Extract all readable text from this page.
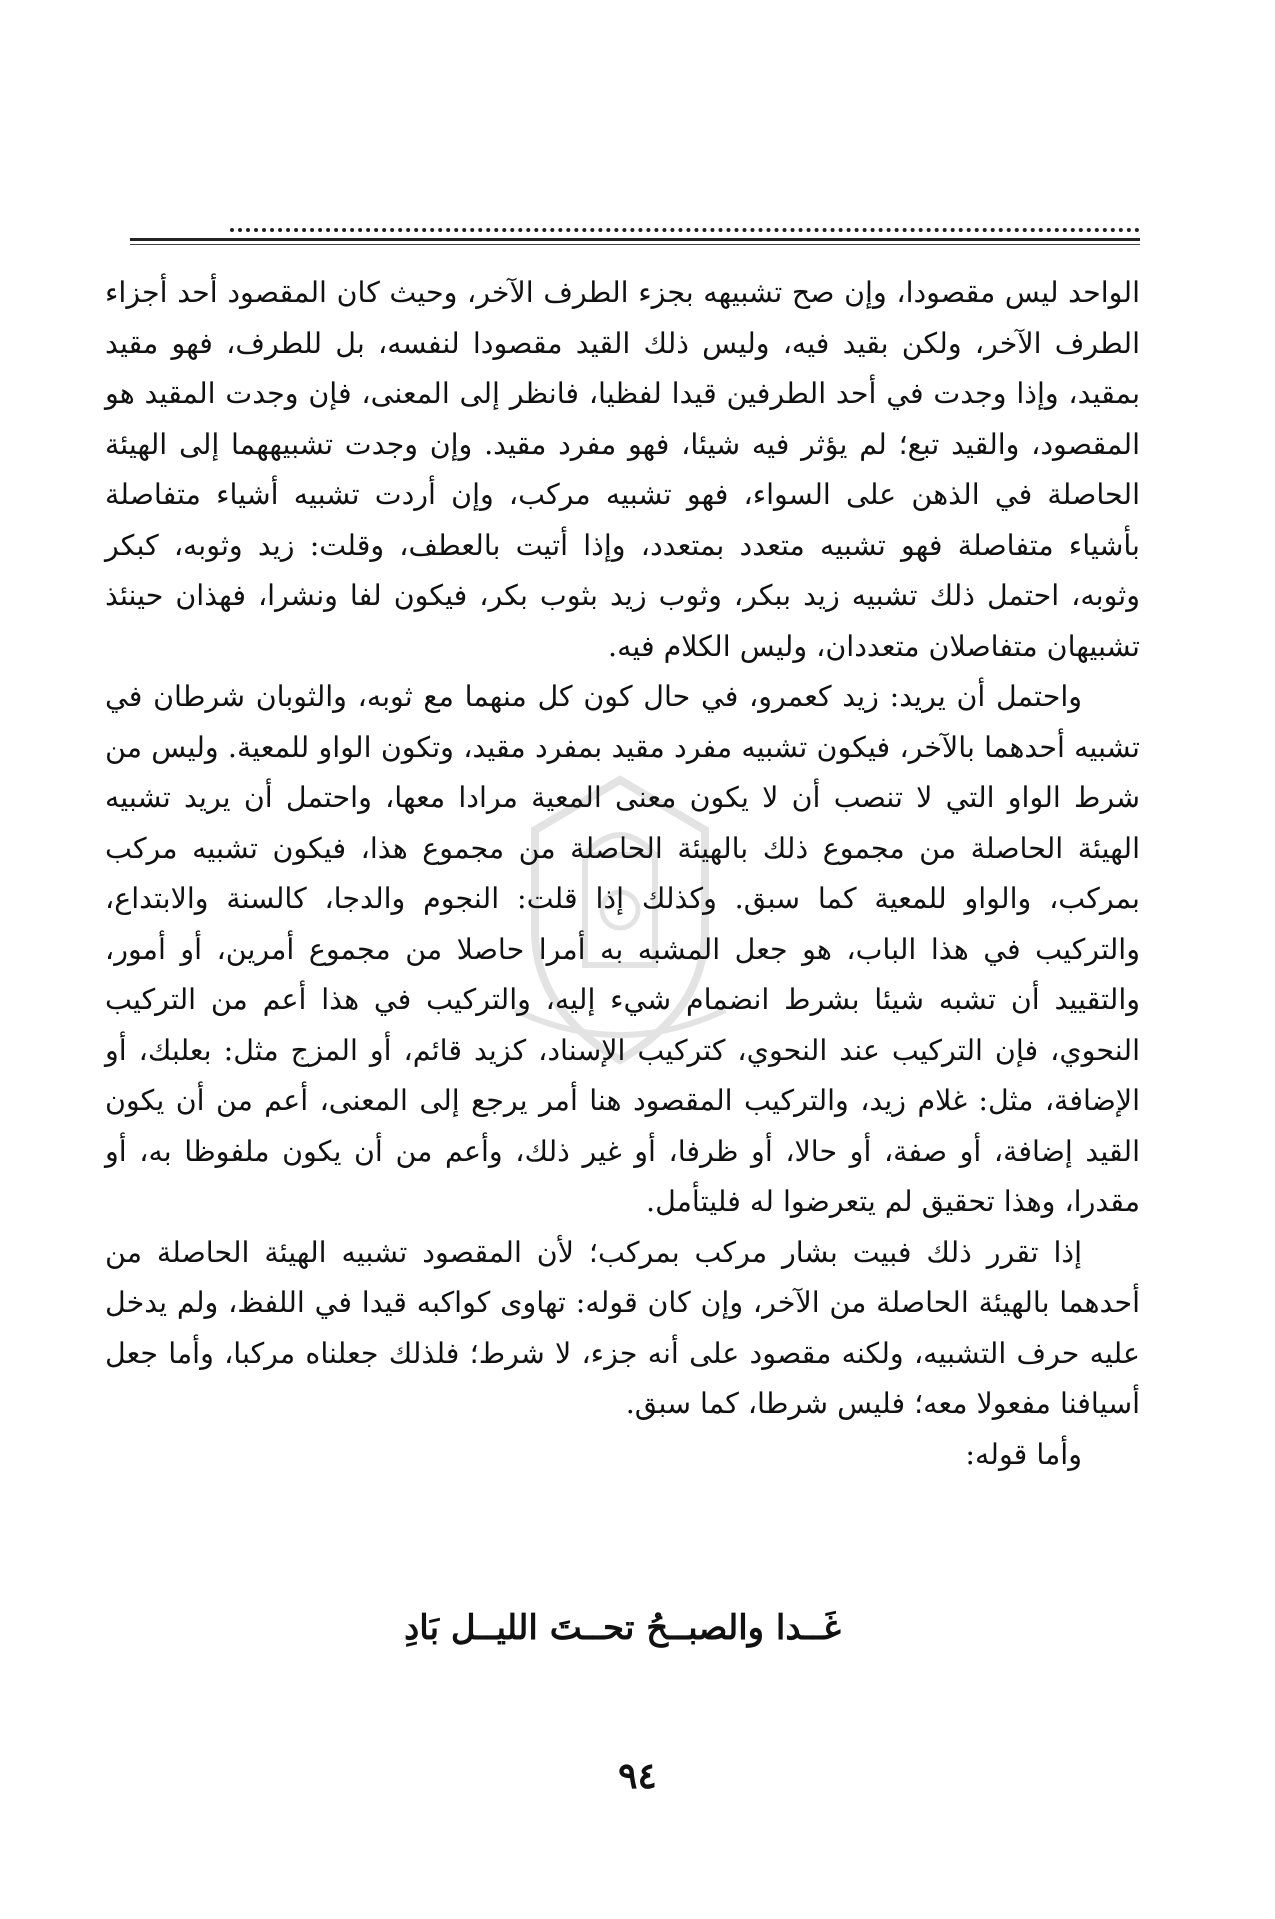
الواحد ليس مقصودا، وإن صح تشبيهه بجزء الطرف الآخر، وحيث كان المقصود أحد أجزاء الطرف الآخر، ولكن بقيد فيه، وليس ذلك القيد مقصودا لنفسه، بل للطرف، فهو مقيد بمقيد، وإذا وجدت في أحد الطرفين قيدا لفظيا، فانظر إلى المعنى، فإن وجدت المقيد هو المقصود، والقيد تبع؛ لم يؤثر فيه شيئا، فهو مفرد مقيد. وإن وجدت تشبيههما إلى الهيئة الحاصلة في الذهن على السواء، فهو تشبيه مركب، وإن أردت تشبيه أشياء متفاصلة بأشياء متفاصلة فهو تشبيه متعدد بمتعدد، وإذا أتيت بالعطف، وقلت: زيد وثوبه، كبكر وثوبه، احتمل ذلك تشبيه زيد ببكر، وثوب زيد بثوب بكر، فيكون لفا ونشرا، فهذان حينئذ تشبيهان متفاصلان متعددان، وليس الكلام فيه.

واحتمل أن يريد: زيد كعمرو، في حال كون كل منهما مع ثوبه، والثوبان شرطان في تشبيه أحدهما بالآخر، فيكون تشبيه مفرد مقيد بمفرد مقيد، وتكون الواو للمعية. وليس من شرط الواو التي لا تنصب أن لا يكون معنى المعية مرادا معها، واحتمل أن يريد تشبيه الهيئة الحاصلة من مجموع ذلك بالهيئة الحاصلة من مجموع هذا، فيكون تشبيه مركب بمركب، والواو للمعية كما سبق. وكذلك إذا قلت: النجوم والدجا، كالسنة والابتداع، والتركيب في هذا الباب، هو جعل المشبه به أمرا حاصلا من مجموع أمرين، أو أمور، والتقييد أن تشبه شيئا بشرط انضمام شيء إليه، والتركيب في هذا أعم من التركيب النحوي، فإن التركيب عند النحوي، كتركيب الإسناد، كزيد قائم، أو المزج مثل: بعلبك، أو الإضافة، مثل: غلام زيد، والتركيب المقصود هنا أمر يرجع إلى المعنى، أعم من أن يكون القيد إضافة، أو صفة، أو حالا، أو ظرفا، أو غير ذلك، وأعم من أن يكون ملفوظا به، أو مقدرا، وهذا تحقيق لم يتعرضوا له فليتأمل.

إذا تقرر ذلك فبيت بشار مركب بمركب؛ لأن المقصود تشبيه الهيئة الحاصلة من أحدهما بالهيئة الحاصلة من الآخر، وإن كان قوله: تهاوى كواكبه قيدا في اللفظ، ولم يدخل عليه حرف التشبيه، ولكنه مقصود على أنه جزء، لا شرط؛ فلذلك جعلناه مركبا، وأما جعل أسيافنا مفعولا معه؛ فليس شرطا، كما سبق.

وأما قوله:

غَــدا والصبــحُ تحــتَ الليــل بَادِ
٩٤
